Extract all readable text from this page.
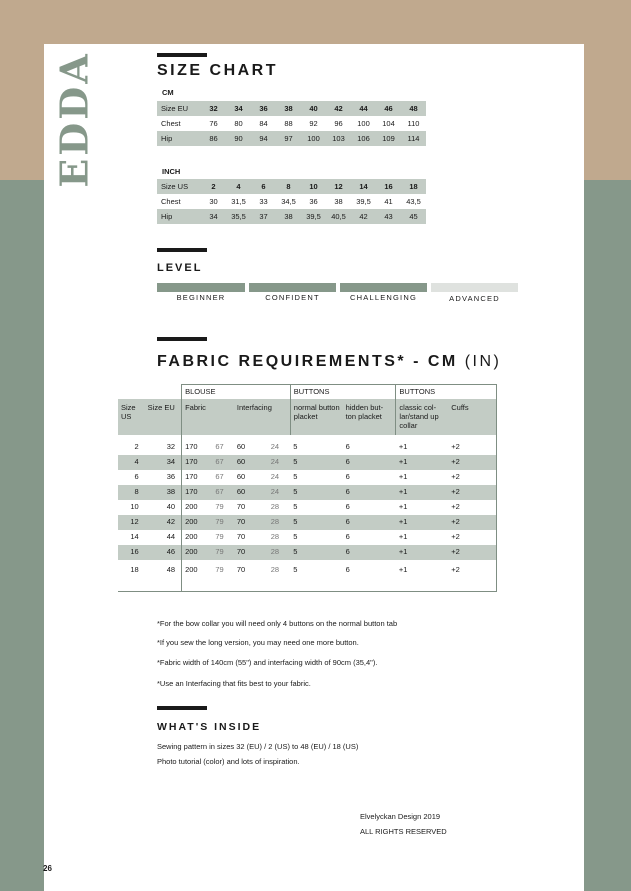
EDDA	SIZE CHART
CM
Size EU	32	34	36	38	40	42	44	46	48
Chest	76	80	84	88	92	96	100	104	110
Hip	86	90	94	97	100	103	106	109	114
INCH
Size US	2	4	6	8	10	12	14	16	18
Chest	30	31,5	33	34,5	36	38	39,5	41	43,5
Hip	34	35,5	37	38	39,5	40,5	42	43	45
LEVEL
BEGINNER	CONFIDENT	CHALLENGING	ADVANCED
FABRIC REQUIREMENTS* - CM (IN)
		BLOUSE				BUTTONS		BUTTONS	
Size US	Size EU	Fabric		Interfacing		normal button placket	hidden but- ton placket	classic col- lar/stand up collar	Cuffs

2	32	170	67	60	24	5	6	+1	+2
4	34	170	67	60	24	5	6	+1	+2
6	36	170	67	60	24	5	6	+1	+2
8	38	170	67	60	24	5	6	+1	+2
10	40	200	79	70	28	5	6	+1	+2
12	42	200	79	70	28	5	6	+1	+2
14	44	200	79	70	28	5	6	+1	+2
16	46	200	79	70	28	5	6	+1	+2
18	48	200	79	70	28	5	6	+1	+2

*For the bow collar you will need only 4 buttons on the normal button tab
*If you sew the long version, you may need one more button.
*Fabric width of 140cm (55") and interfacing width of 90cm (35,4").
*Use an Interfacing that fits best to your fabric.
WHAT'S INSIDE
Sewing pattern in sizes 32 (EU) / 2 (US) to 48 (EU) / 18 (US)
Photo tutorial (color) and lots of inspiration.
Elvelyckan Design 2019
ALL RIGHTS RESERVED
26
